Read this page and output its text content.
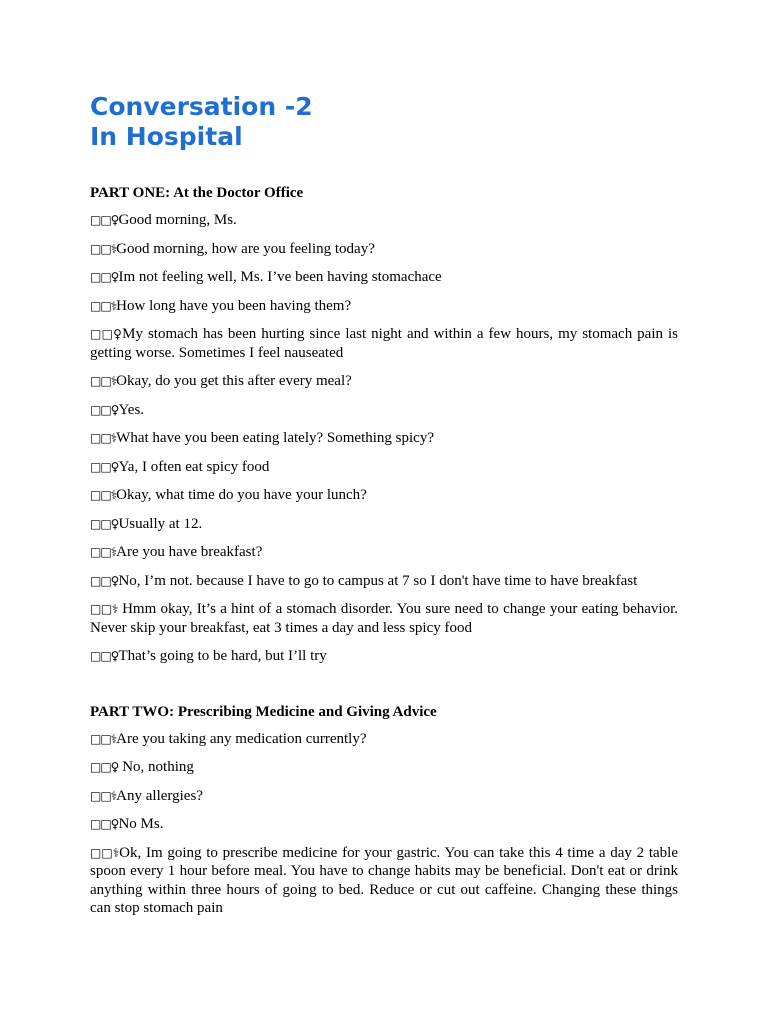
Conversation -2
In Hospital
PART ONE: At the Doctor Office

□□♀Good morning, Ms.

□□⚕Good morning, how are you feeling today?

□□♀Im not feeling well, Ms. I’ve been having stomachace

□□⚕How long have you been having them?

□□♀My stomach has been hurting since last night and within a few hours, my stomach pain is getting worse. Sometimes I feel nauseated

□□⚕Okay, do you get this after every meal?

□□♀Yes.

□□⚕What have you been eating lately? Something spicy?

□□♀Ya, I often eat spicy food

□□⚕Okay, what time do you have your lunch?

□□♀Usually at 12.

□□⚕Are you have breakfast?

□□♀No, I’m not. because I have to go to campus at 7 so I don't have time to have breakfast

□□⚕ Hmm okay, It’s a hint of a stomach disorder. You sure need to change your eating behavior. Never skip your breakfast, eat 3 times a day and less spicy food

□□♀That’s going to be hard, but I’ll try

PART TWO: Prescribing Medicine and Giving Advice

□□⚕Are you taking any medication currently?

□□♀ No, nothing

□□⚕Any allergies?

□□♀No Ms.

□□⚕Ok, Im going to prescribe medicine for your gastric. You can take this 4 time a day 2 table spoon every 1 hour before meal. You have to change habits may be beneficial. Don't eat or drink anything within three hours of going to bed. Reduce or cut out caffeine. Changing these things can stop stomach pain
